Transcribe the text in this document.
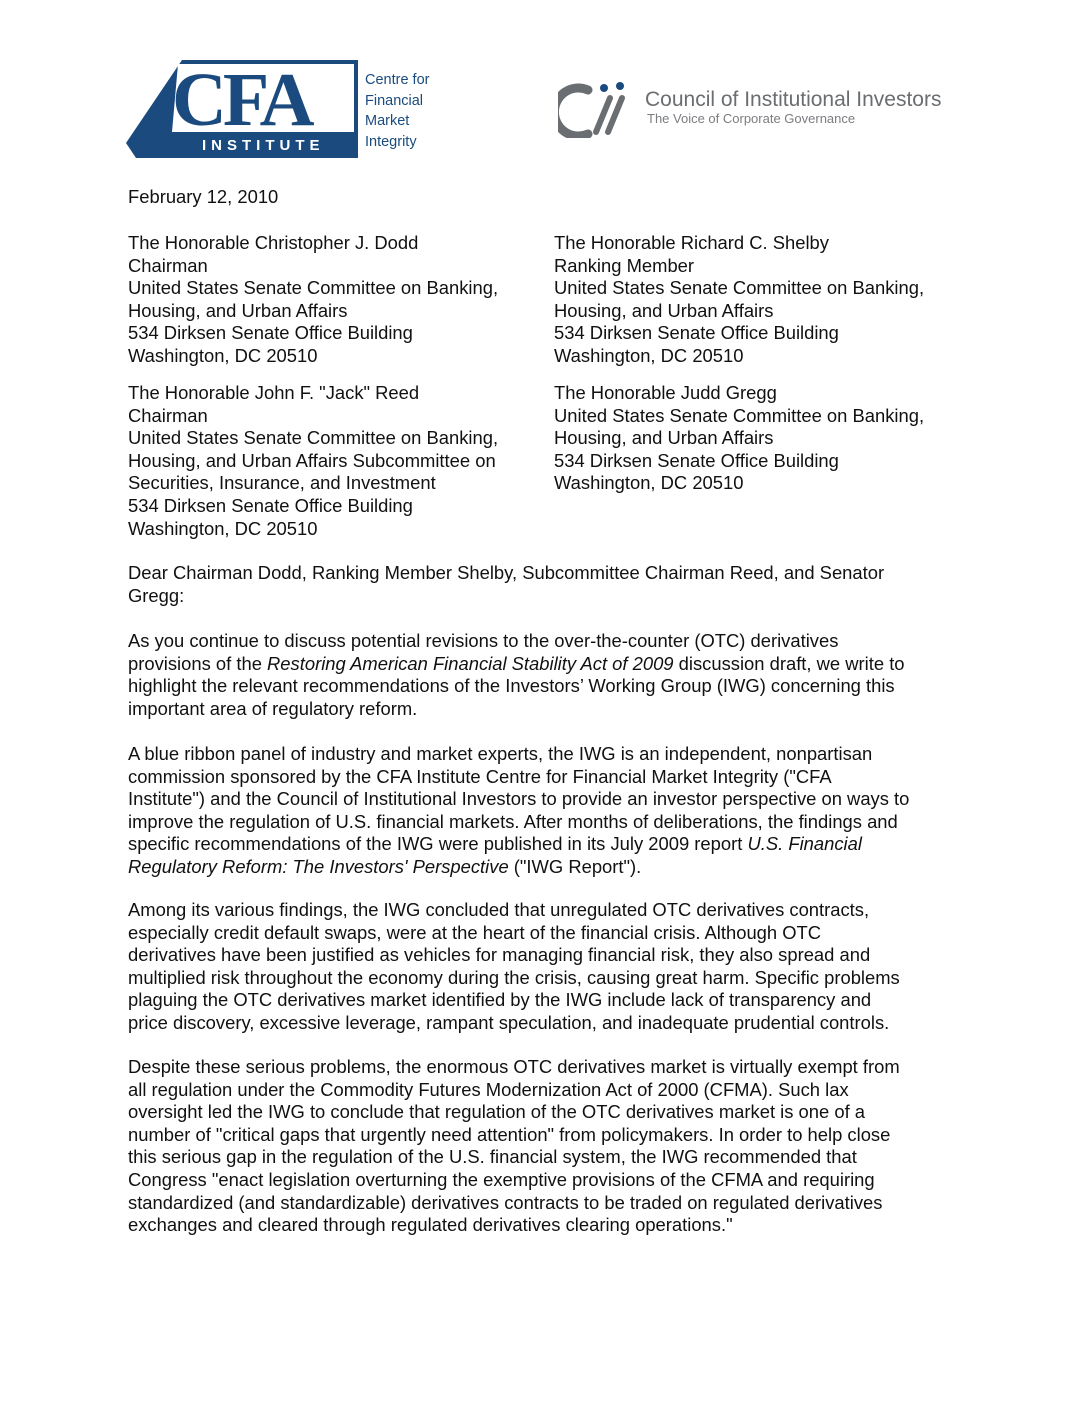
CFA
INSTITUTE
Centre for
Financial
Market
Integrity
Council of Institutional Investors
The Voice of Corporate Governance
February 12, 2010
The Honorable Christopher J. Dodd
Chairman
United States Senate Committee on Banking,
Housing, and Urban Affairs
534 Dirksen Senate Office Building
Washington, DC 20510
The Honorable Richard C. Shelby
Ranking Member
United States Senate Committee on Banking,
Housing, and Urban Affairs
534 Dirksen Senate Office Building
Washington, DC 20510
The Honorable John F. "Jack" Reed
Chairman
United States Senate Committee on Banking,
Housing, and Urban Affairs Subcommittee on
Securities, Insurance, and Investment
534 Dirksen Senate Office Building
Washington, DC 20510
The Honorable Judd Gregg
United States Senate Committee on Banking,
Housing, and Urban Affairs
534 Dirksen Senate Office Building
Washington, DC 20510
Dear Chairman Dodd, Ranking Member Shelby, Subcommittee Chairman Reed, and Senator
Gregg:
As you continue to discuss potential revisions to the over-the-counter (OTC) derivatives
provisions of the Restoring American Financial Stability Act of 2009 discussion draft, we write to
highlight the relevant recommendations of the Investors’ Working Group (IWG) concerning this
important area of regulatory reform.
A blue ribbon panel of industry and market experts, the IWG is an independent, nonpartisan
commission sponsored by the CFA Institute Centre for Financial Market Integrity ("CFA
Institute") and the Council of Institutional Investors to provide an investor perspective on ways to
improve the regulation of U.S. financial markets. After months of deliberations, the findings and
specific recommendations of the IWG were published in its July 2009 report U.S. Financial
Regulatory Reform: The Investors' Perspective ("IWG Report").
Among its various findings, the IWG concluded that unregulated OTC derivatives contracts,
especially credit default swaps, were at the heart of the financial crisis. Although OTC
derivatives have been justified as vehicles for managing financial risk, they also spread and
multiplied risk throughout the economy during the crisis, causing great harm. Specific problems
plaguing the OTC derivatives market identified by the IWG include lack of transparency and
price discovery, excessive leverage, rampant speculation, and inadequate prudential controls.
Despite these serious problems, the enormous OTC derivatives market is virtually exempt from
all regulation under the Commodity Futures Modernization Act of 2000 (CFMA). Such lax
oversight led the IWG to conclude that regulation of the OTC derivatives market is one of a
number of "critical gaps that urgently need attention" from policymakers. In order to help close
this serious gap in the regulation of the U.S. financial system, the IWG recommended that
Congress "enact legislation overturning the exemptive provisions of the CFMA and requiring
standardized (and standardizable) derivatives contracts to be traded on regulated derivatives
exchanges and cleared through regulated derivatives clearing operations."
